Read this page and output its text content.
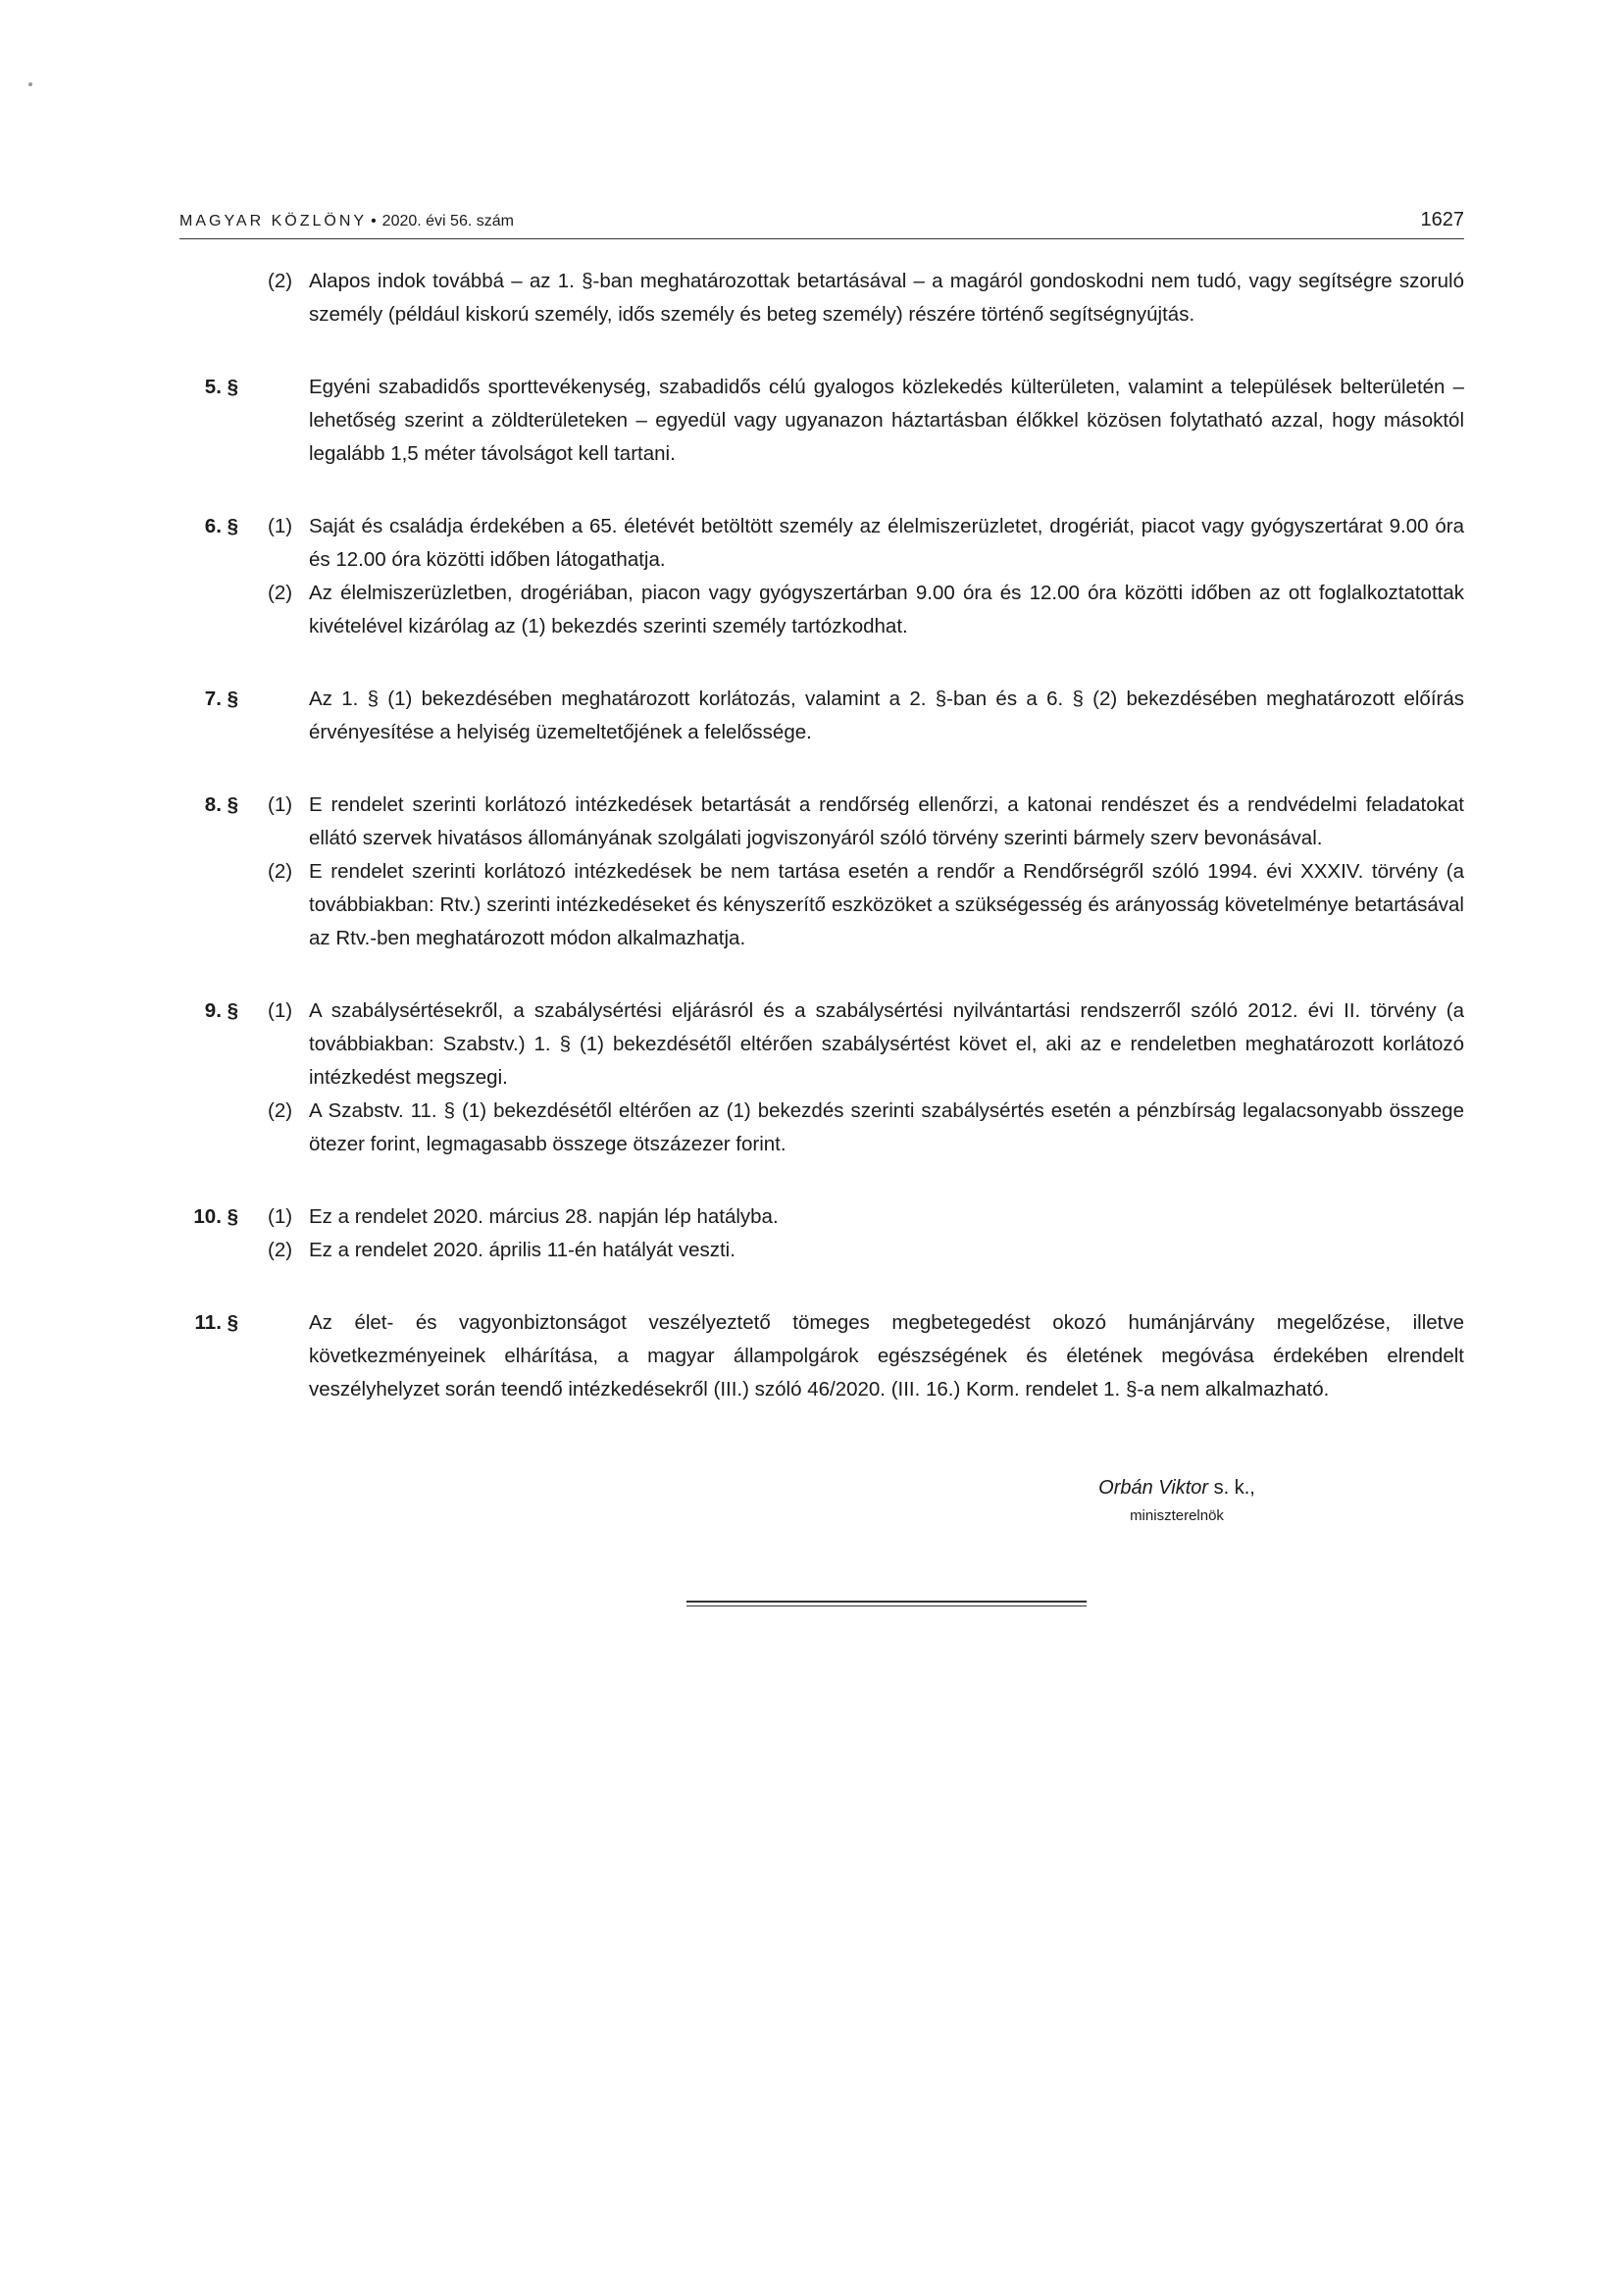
MAGYAR KÖZLÖNY • 2020. évi 56. szám	1627
(2) Alapos indok továbbá – az 1. §-ban meghatározottak betartásával – a magáról gondoskodni nem tudó, vagy segítségre szoruló személy (például kiskorú személy, idős személy és beteg személy) részére történő segítségnyújtás.
5. §	Egyéni szabadidős sporttevékenység, szabadidős célú gyalogos közlekedés külterületen, valamint a települések belterületén – lehetőség szerint a zöldterületeken – egyedül vagy ugyanazon háztartásban élőkkel közösen folytatható azzal, hogy másoktól legalább 1,5 méter távolságot kell tartani.
6. § (1) Saját és családja érdekében a 65. életévét betöltött személy az élelmiszerüzletet, drogériát, piacot vagy gyógyszertárat 9.00 óra és 12.00 óra közötti időben látogathatja.
(2) Az élelmiszerüzletben, drogériában, piacon vagy gyógyszertárban 9.00 óra és 12.00 óra közötti időben az ott foglalkoztatottak kivételével kizárólag az (1) bekezdés szerinti személy tartózkodhat.
7. §	Az 1. § (1) bekezdésében meghatározott korlátozás, valamint a 2. §-ban és a 6. § (2) bekezdésében meghatározott előírás érvényesítése a helyiség üzemeltetőjének a felelőssége.
8. § (1) E rendelet szerinti korlátozó intézkedések betartását a rendőrség ellenőrzi, a katonai rendészet és a rendvédelmi feladatokat ellátó szervek hivatásos állományának szolgálati jogviszonyáról szóló törvény szerinti bármely szerv bevonásával.
(2) E rendelet szerinti korlátozó intézkedések be nem tartása esetén a rendőr a Rendőrségről szóló 1994. évi XXXIV. törvény (a továbbiakban: Rtv.) szerinti intézkedéseket és kényszerítő eszközöket a szükségesség és arányosság követelménye betartásával az Rtv.-ben meghatározott módon alkalmazhatja.
9. § (1) A szabálysértésekről, a szabálysértési eljárásról és a szabálysértési nyilvántartási rendszerről szóló 2012. évi II. törvény (a továbbiakban: Szabstv.) 1. § (1) bekezdésétől eltérően szabálysértést követ el, aki az e rendeletben meghatározott korlátozó intézkedést megszegi.
(2) A Szabstv. 11. § (1) bekezdésétől eltérően az (1) bekezdés szerinti szabálysértés esetén a pénzbírság legalacsonyabb összege ötezer forint, legmagasabb összege ötszázezer forint.
10. § (1) Ez a rendelet 2020. március 28. napján lép hatályba.
(2) Ez a rendelet 2020. április 11-én hatályát veszti.
11. §	Az élet- és vagyonbiztonságot veszélyeztető tömeges megbetegedést okozó humánjárvány megelőzése, illetve következményeinek elhárítása, a magyar állampolgárok egészségének és életének megóvása érdekében elrendelt veszélyhelyzet során teendő intézkedésekről (III.) szóló 46/2020. (III. 16.) Korm. rendelet 1. §-a nem alkalmazható.
Orbán Viktor s. k.,
miniszterelnök
